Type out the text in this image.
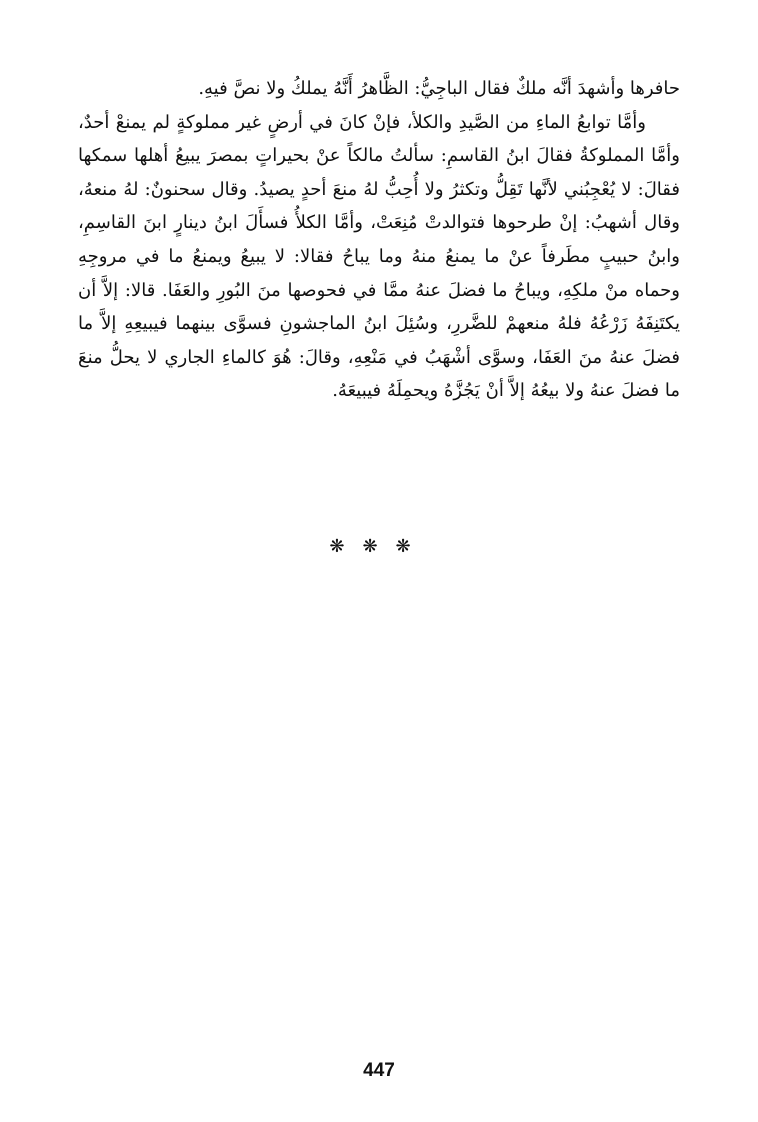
حافرها وأشهدَ أنَّه ملكٌ فقال الباجِيُّ: الظَّاهرُ أَنَّهُ يملكُ ولا نصَّ فيهِ.

وأمَّا توابعُ الماءِ من الصَّيدِ والكلأ، فإنْ كانَ في أرضٍ غير مملوكةٍ لم يمنعْ أحدٌ، وأمَّا المملوكةُ فقالَ ابنُ القاسمِ: سألتُ مالكاً عنْ بحيراتٍ بمصرَ يبيعُ أهلها سمكها فقالَ: لا يُعْجِبُني لأنَّها تَقِلُّ وتكثرُ ولا أُحِبُّ لهُ منعَ أحدٍ يصيدُ. وقال سحنونٌ: لهُ منعهُ، وقال أشهبُ: إنْ طرحوها فتوالدتْ مُنِعَتْ، وأمَّا الكلأُ فسأَلَ ابنُ دينارٍ ابنَ القاسِمِ، وابنُ حبيبٍ مطَرفاً عنْ ما يمنعُ منهُ وما يباحُ فقالا: لا يبيعُ ويمنعُ ما في مروجِهِ وحماه منْ ملكِهِ، ويباحُ ما فضلَ عنهُ ممَّا في فحوصها منَ البُورِ والعَفَا. قالا: إلاَّ أن يكتَنِفَهُ زَرْعُهُ فلهُ منعهمْ للضَّررِ، وسُئِلَ ابنُ الماجشونِ فسوَّى بينهما فيبيعِهِ إلاَّ ما فضلَ عنهُ منَ العَفَا، وسوَّى أشْهَبُ في مَنْعِهِ، وقالَ: هُوَ كالماءِ الجاري لا يحلُّ منعَ ما فضلَ عنهُ ولا بيعُهُ إلاَّ أنْ يَجُزَّهُ ويحمِلَهُ فيبيعَهُ.

❋❋❋
447
